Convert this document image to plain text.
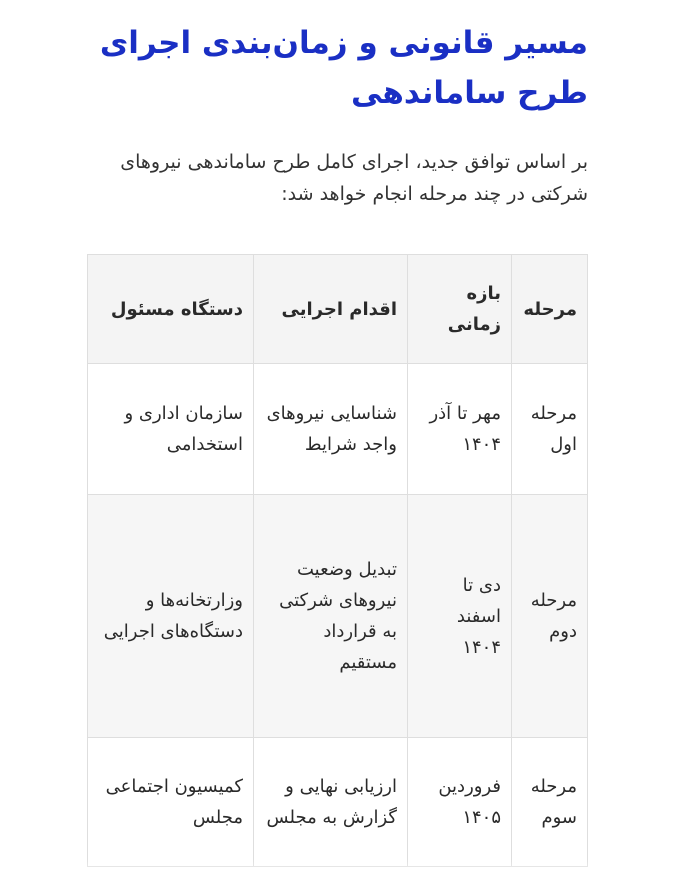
مسیر قانونی و زمان‌بندی اجرای طرح ساماندهی

بر اساس توافق جدید، اجرای کامل طرح ساماندهی نیروهای شرکتی در چند مرحله انجام خواهد شد:

مرحله	بازه زمانی	اقدام اجرایی	دستگاه مسئول
مرحله اول	مهر تا آذر ۱۴۰۴	شناسایی نیروهای واجد شرایط	سازمان اداری و استخدامی
مرحله دوم	دی تا اسفند ۱۴۰۴	تبدیل وضعیت نیروهای شرکتی به قرارداد مستقیم	وزارتخانه‌ها و دستگاه‌های اجرایی
مرحله سوم	فروردین ۱۴۰۵	ارزیابی نهایی و گزارش به مجلس	کمیسیون اجتماعی مجلس
